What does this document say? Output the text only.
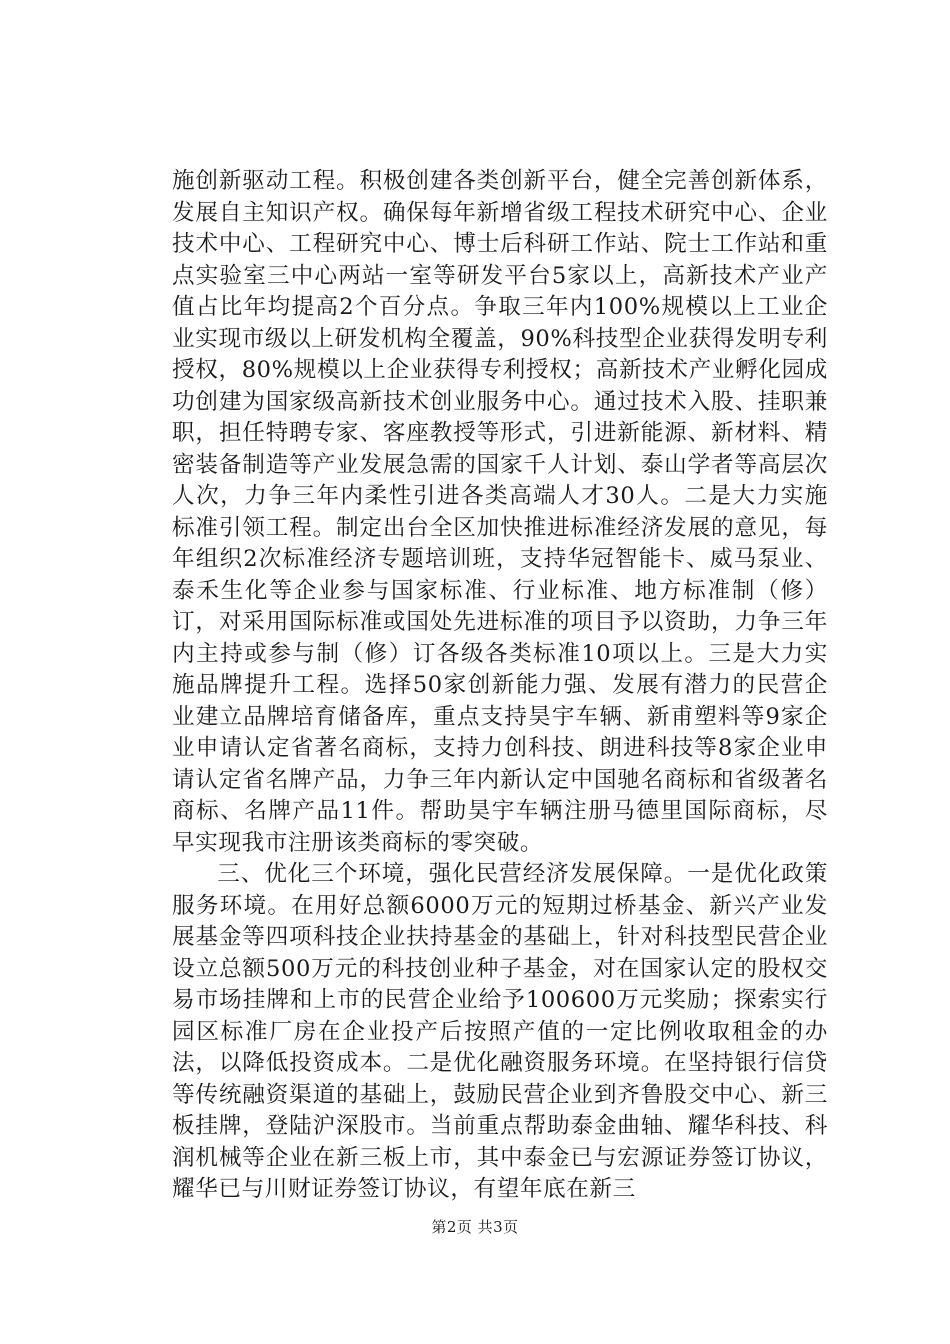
施创新驱动工程。积极创建各类创新平台，健全完善创新体系，发展自主知识产权。确保每年新增省级工程技术研究中心、企业技术中心、工程研究中心、博士后科研工作站、院士工作站和重点实验室三中心两站一室等研发平台5家以上，高新技术产业产值占比年均提高2个百分点。争取三年内100%规模以上工业企业实现市级以上研发机构全覆盖，90%科技型企业获得发明专利授权，80%规模以上企业获得专利授权；高新技术产业孵化园成功创建为国家级高新技术创业服务中心。通过技术入股、挂职兼职，担任特聘专家、客座教授等形式，引进新能源、新材料、精密装备制造等产业发展急需的国家千人计划、泰山学者等高层次人次，力争三年内柔性引进各类高端人才30人。二是大力实施标准引领工程。制定出台全区加快推进标准经济发展的意见，每年组织2次标准经济专题培训班，支持华冠智能卡、威马泵业、泰禾生化等企业参与国家标准、行业标准、地方标准制（修）订，对采用国际标准或国处先进标准的项目予以资助，力争三年内主持或参与制（修）订各级各类标准10项以上。三是大力实施品牌提升工程。选择50家创新能力强、发展有潜力的民营企业建立品牌培育储备库，重点支持昊宇车辆、新甫塑料等9家企业申请认定省著名商标，支持力创科技、朗进科技等8家企业申请认定省名牌产品，力争三年内新认定中国驰名商标和省级著名商标、名牌产品11件。帮助昊宇车辆注册马德里国际商标，尽早实现我市注册该类商标的零突破。

三、优化三个环境，强化民营经济发展保障。一是优化政策服务环境。在用好总额6000万元的短期过桥基金、新兴产业发展基金等四项科技企业扶持基金的基础上，针对科技型民营企业设立总额500万元的科技创业种子基金，对在国家认定的股权交易市场挂牌和上市的民营企业给予100600万元奖励；探索实行园区标准厂房在企业投产后按照产值的一定比例收取租金的办法，以降低投资成本。二是优化融资服务环境。在坚持银行信贷等传统融资渠道的基础上，鼓励民营企业到齐鲁股交中心、新三板挂牌，登陆沪深股市。当前重点帮助泰金曲轴、耀华科技、科润机械等企业在新三板上市，其中泰金已与宏源证券签订协议，耀华已与川财证券签订协议，有望年底在新三

第2页 共3页
